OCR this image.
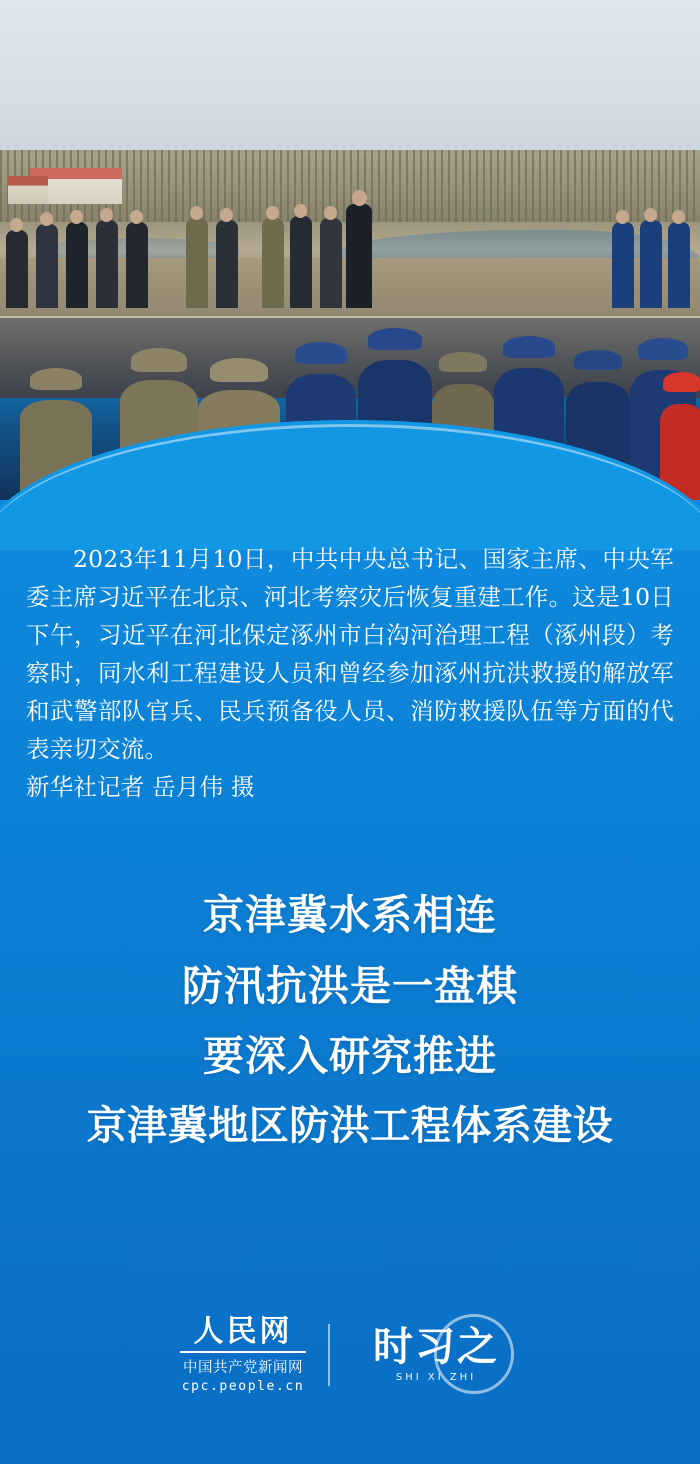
2023年11月10日，中共中央总书记、国家主席、中央军委主席习近平在北京、河北考察灾后恢复重建工作。这是10日下午，习近平在河北保定涿州市白沟河治理工程（涿州段）考察时，同水利工程建设人员和曾经参加涿州抗洪救援的解放军和武警部队官兵、民兵预备役人员、消防救援队伍等方面的代表亲切交流。
新华社记者 岳月伟 摄
京津冀水系相连
防汛抗洪是一盘棋
要深入研究推进
京津冀地区防洪工程体系建设
人民网
中国共产党新闻网
cpc.people.cn
时习之
SHI XI ZHI
